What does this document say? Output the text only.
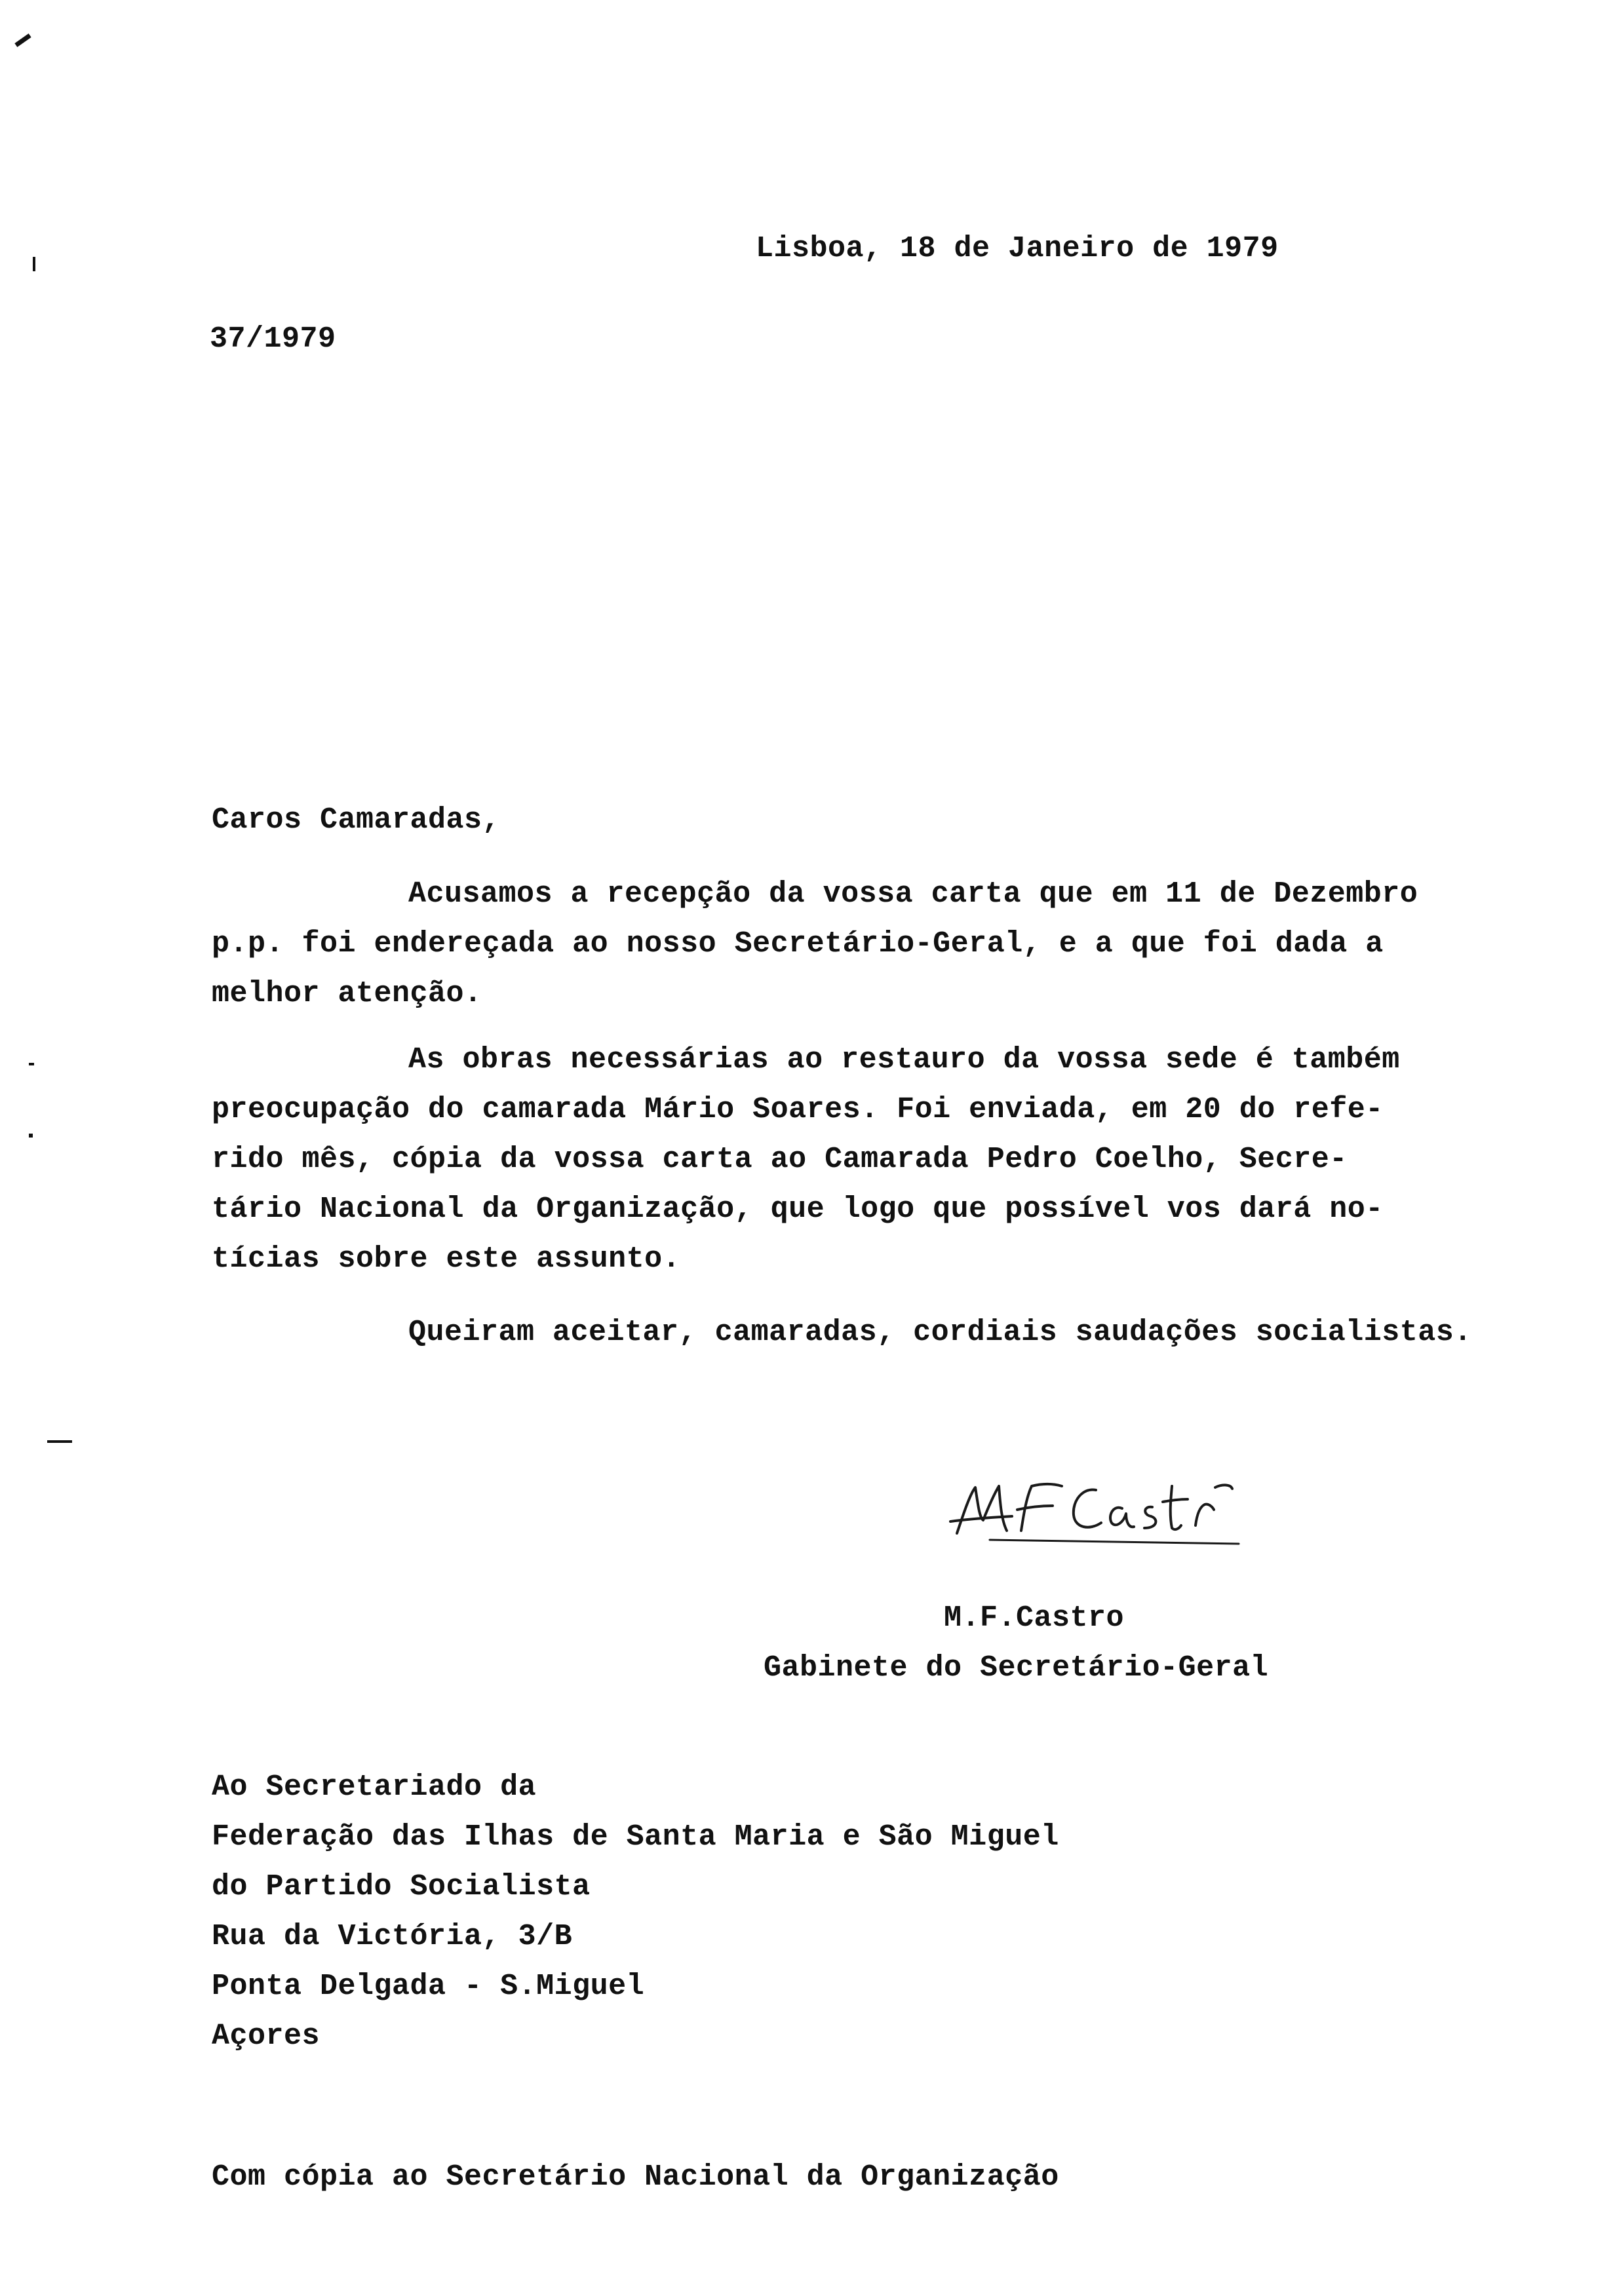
Lisboa, 18 de Janeiro de 1979
37/1979
Caros Camaradas,
Acusamos a recepção da vossa carta que em 11 de Dezembro
p.p. foi endereçada ao nosso Secretário-Geral, e a que foi dada a
melhor atenção.
As obras necessárias ao restauro da vossa sede é também
preocupação do camarada Mário Soares. Foi enviada, em 20 do refe-
rido mês, cópia da vossa carta ao Camarada Pedro Coelho, Secre-
tário Nacional da Organização, que logo que possível vos dará no-
tícias sobre este assunto.
Queiram aceitar, camaradas, cordiais saudações socialistas.
M.F.Castro
Gabinete do Secretário-Geral
Ao Secretariado da
Federação das Ilhas de Santa Maria e São Miguel
do Partido Socialista
Rua da Victória, 3/B
Ponta Delgada - S.Miguel
Açores
Com cópia ao Secretário Nacional da Organização
